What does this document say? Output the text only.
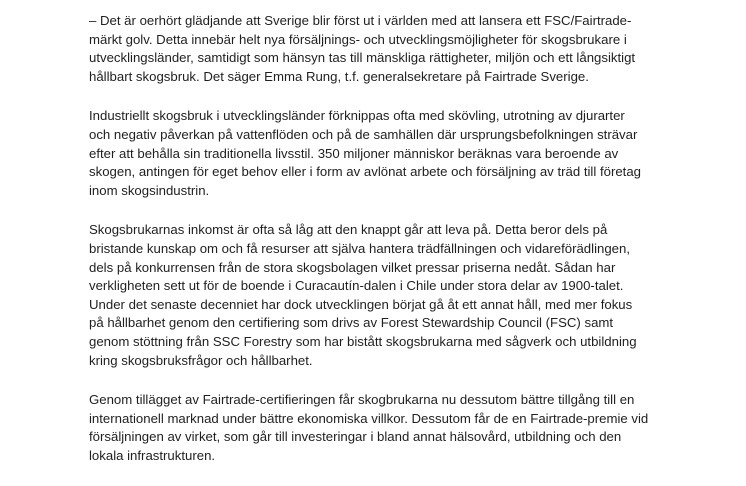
– Det är oerhört glädjande att Sverige blir först ut i världen med att lansera ett FSC/Fairtrade-
märkt golv. Detta innebär helt nya försäljnings- och utvecklingsmöjligheter för skogsbrukare i
utvecklingsländer, samtidigt som hänsyn tas till mänskliga rättigheter, miljön och ett långsiktigt
hållbart skogsbruk. Det säger Emma Rung, t.f. generalsekretare på Fairtrade Sverige.

Industriellt skogsbruk i utvecklingsländer förknippas ofta med skövling, utrotning av djurarter
och negativ påverkan på vattenflöden och på de samhällen där ursprungsbefolkningen strävar
efter att behålla sin traditionella livsstil. 350 miljoner människor beräknas vara beroende av
skogen, antingen för eget behov eller i form av avlönat arbete och försäljning av träd till företag
inom skogsindustrin.

Skogsbrukarnas inkomst är ofta så låg att den knappt går att leva på. Detta beror dels på
bristande kunskap om och få resurser att själva hantera trädfällningen och vidareförädlingen,
dels på konkurrensen från de stora skogsbolagen vilket pressar priserna nedåt. Sådan har
verkligheten sett ut för de boende i Curacautín-dalen i Chile under stora delar av 1900-talet.
Under det senaste decenniet har dock utvecklingen börjat gå åt ett annat håll, med mer fokus
på hållbarhet genom den certifiering som drivs av Forest Stewardship Council (FSC) samt
genom stöttning från SSC Forestry som har bistått skogsbrukarna med sågverk och utbildning
kring skogsbruksfrågor och hållbarhet.

Genom tillägget av Fairtrade-certifieringen får skogbrukarna nu dessutom bättre tillgång till en
internationell marknad under bättre ekonomiska villkor. Dessutom får de en Fairtrade-premie vid
försäljningen av virket, som går till investeringar i bland annat hälsovård, utbildning och den
lokala infrastrukturen.
